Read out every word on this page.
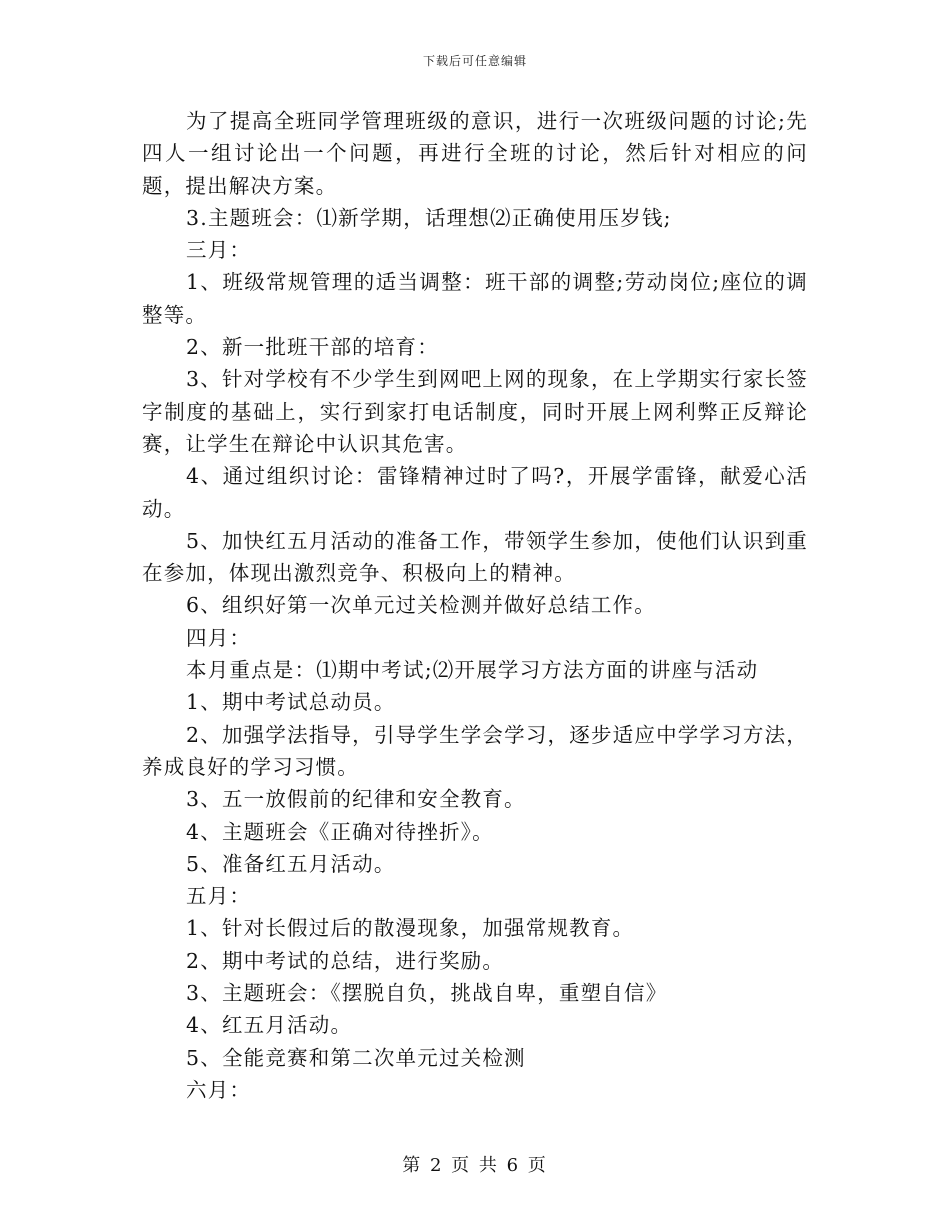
下载后可任意编辑

为了提高全班同学管理班级的意识，进行一次班级问题的讨论;先四人一组讨论出一个问题，再进行全班的讨论，然后针对相应的问题，提出解决方案。

3.主题班会：⑴新学期，话理想⑵正确使用压岁钱;

三月：

1、班级常规管理的适当调整：班干部的调整;劳动岗位;座位的调整等。

2、新一批班干部的培育：

3、针对学校有不少学生到网吧上网的现象，在上学期实行家长签字制度的基础上，实行到家打电话制度，同时开展上网利弊正反辩论赛，让学生在辩论中认识其危害。

4、通过组织讨论：雷锋精神过时了吗?，开展学雷锋，献爱心活动。

5、加快红五月活动的准备工作，带领学生参加，使他们认识到重在参加，体现出激烈竞争、积极向上的精神。

6、组织好第一次单元过关检测并做好总结工作。

四月：

本月重点是：⑴期中考试;⑵开展学习方法方面的讲座与活动

1、期中考试总动员。

2、加强学法指导，引导学生学会学习，逐步适应中学学习方法，养成良好的学习习惯。

3、五一放假前的纪律和安全教育。

4、主题班会《正确对待挫折》。

5、准备红五月活动。

五月：

1、针对长假过后的散漫现象，加强常规教育。

2、期中考试的总结，进行奖励。

3、主题班会：《摆脱自负，挑战自卑，重塑自信》

4、红五月活动。

5、全能竞赛和第二次单元过关检测

六月：

第 2 页 共 6 页
